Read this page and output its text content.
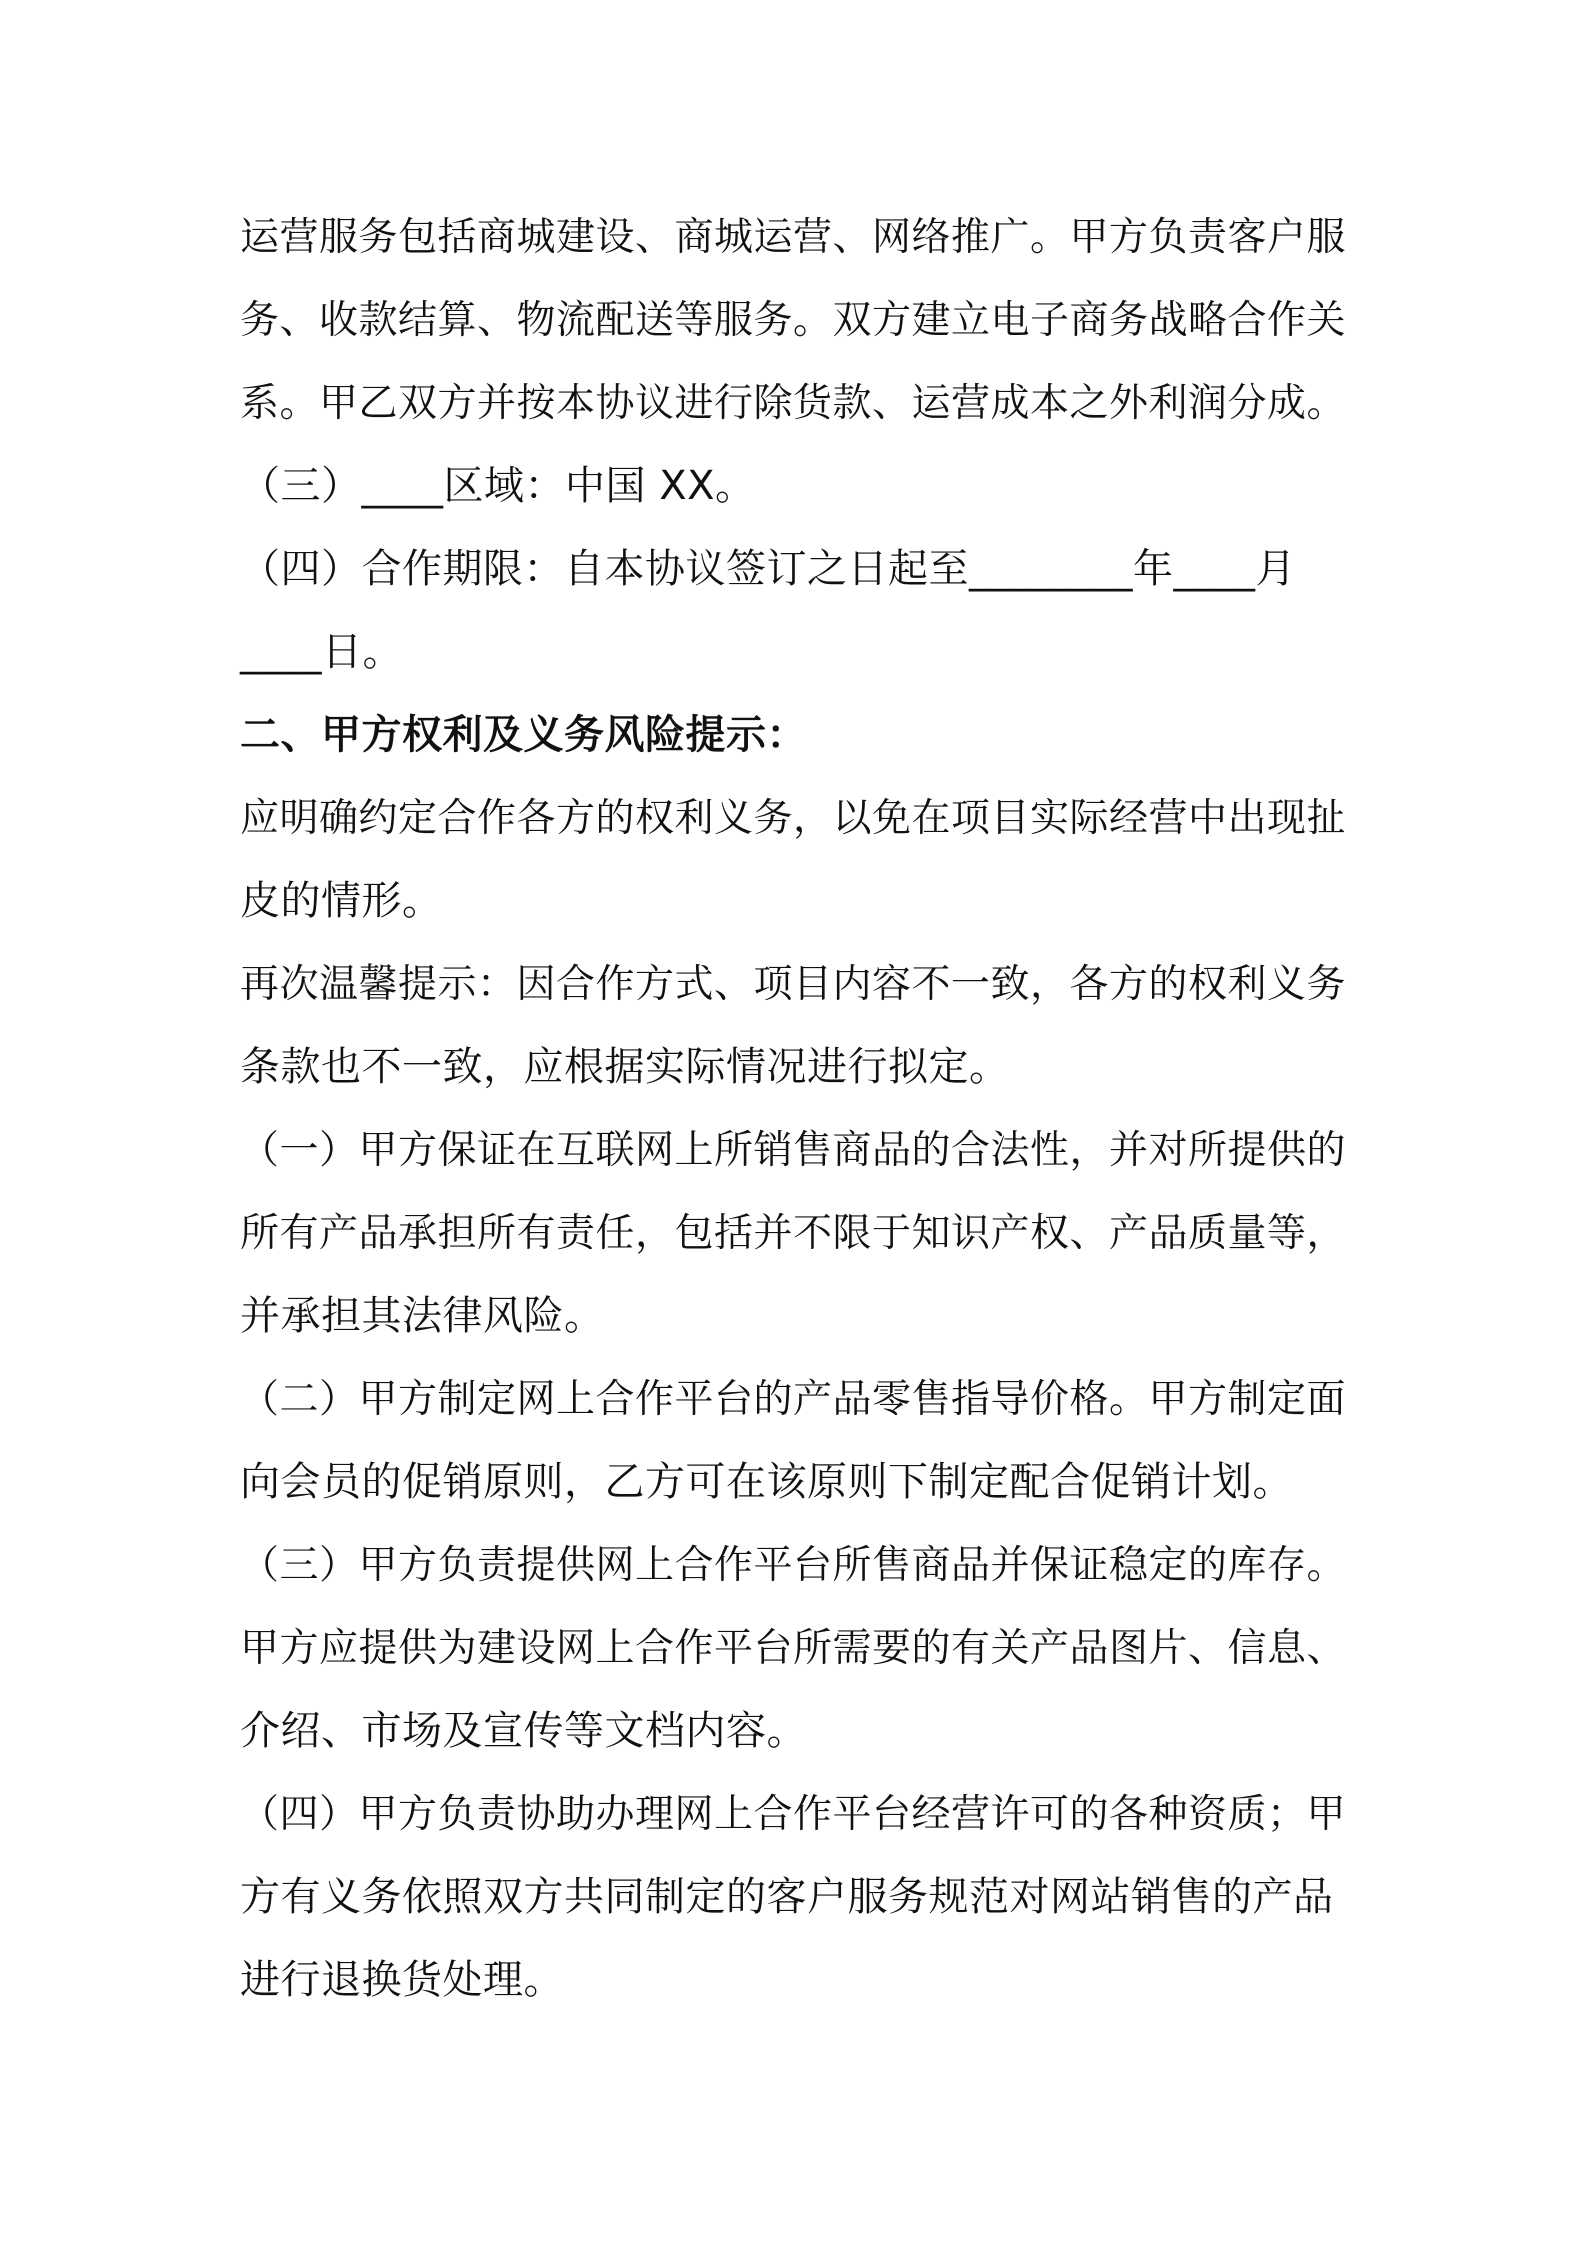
运营服务包括商城建设、商城运营、网络推广。甲方负责客户服
务、收款结算、物流配送等服务。双方建立电子商务战略合作关
系。甲乙双方并按本协议进行除货款、运营成本之外利润分成。
（三）____区域：中国 XX。
（四）合作期限：自本协议签订之日起至________年____月
____日。
二、甲方权利及义务风险提示：
应明确约定合作各方的权利义务，以免在项目实际经营中出现扯
皮的情形。
再次温馨提示：因合作方式、项目内容不一致，各方的权利义务
条款也不一致，应根据实际情况进行拟定。
（一）甲方保证在互联网上所销售商品的合法性，并对所提供的
所有产品承担所有责任，包括并不限于知识产权、产品质量等，
并承担其法律风险。
（二）甲方制定网上合作平台的产品零售指导价格。甲方制定面
向会员的促销原则，乙方可在该原则下制定配合促销计划。
（三）甲方负责提供网上合作平台所售商品并保证稳定的库存。
甲方应提供为建设网上合作平台所需要的有关产品图片、信息、
介绍、市场及宣传等文档内容。
（四）甲方负责协助办理网上合作平台经营许可的各种资质；甲
方有义务依照双方共同制定的客户服务规范对网站销售的产品
进行退换货处理。
